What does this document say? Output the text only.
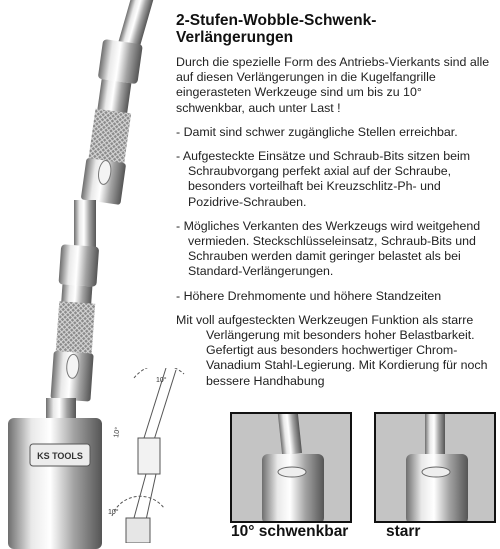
KS TOOLS
2-Stufen-Wobble-Schwenk-
Verlängerungen

Durch die spezielle Form des Antriebs-Vierkants sind alle auf diesen Verlängerungen in die Kugelfangrille eingerasteten Werkzeuge sind um bis zu 10° schwenkbar, auch unter Last !

- Damit sind schwer zugängliche Stellen erreichbar.

- Aufgesteckte Einsätze und Schraub-Bits sitzen beim Schraubvorgang perfekt axial auf der Schraube, besonders vorteilhaft bei Kreuzschlitz-Ph- und Pozidrive-Schrauben.

- Mögliches Verkanten des Werkzeugs wird weitgehend vermieden. Steckschlüsseleinsatz, Schraub-Bits und Schrauben werden damit geringer belastet als bei Standard-Verlängerungen.

- Höhere Drehmomente und höhere Standzeiten

Mit voll aufgesteckten Werkzeugen Funktion als starre
Verlängerung mit besonders hoher Belastbarkeit. Gefertigt aus besonders hochwertiger Chrom-Vanadium Stahl-Legierung. Mit Kordierung für noch bessere Handhabung
10°
10°
10°
10° schwenkbar starr
